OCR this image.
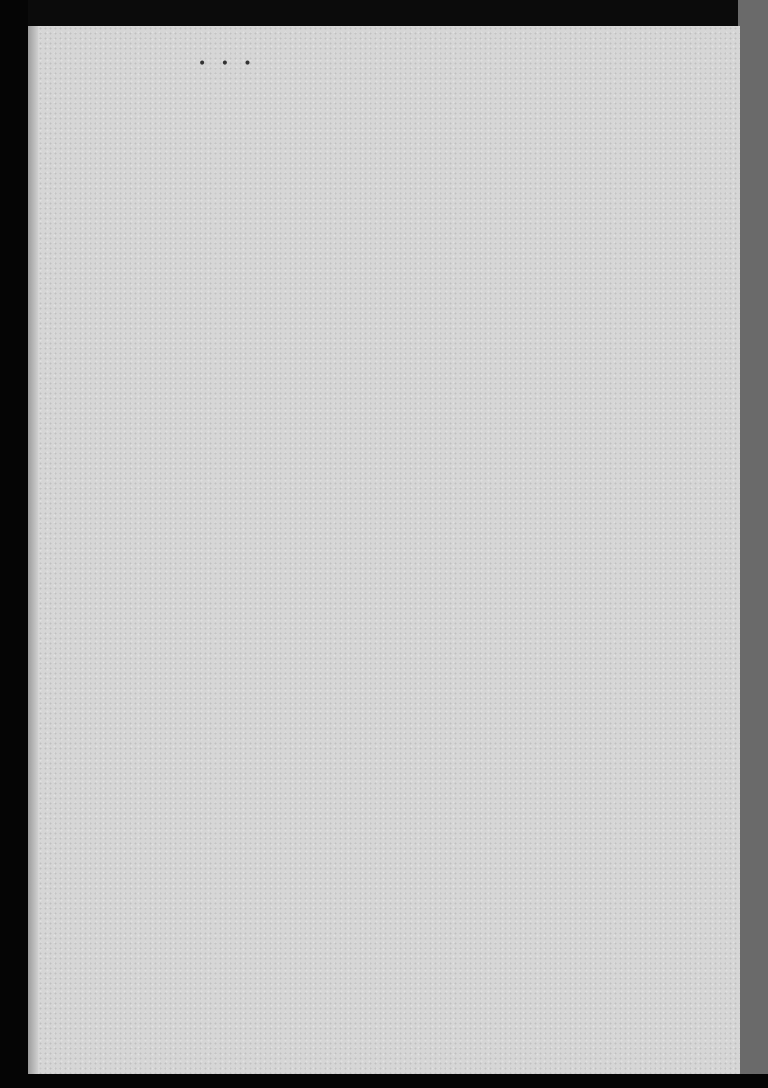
• • •
